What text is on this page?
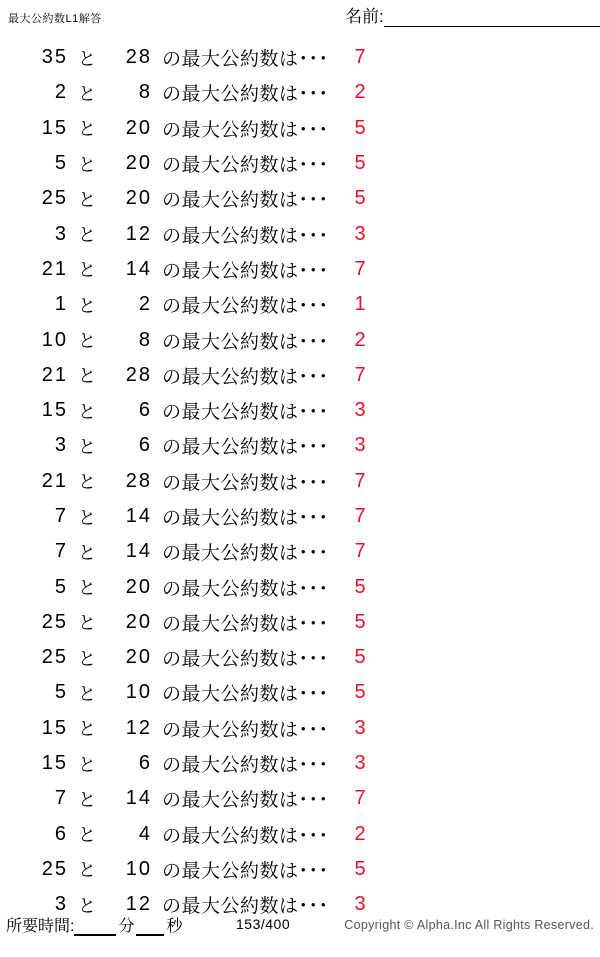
最大公約数L1解答	名前:
35 と	28 の最大公約数は･･･ 7
2 と	8 の最大公約数は･･･ 2
15 と	20 の最大公約数は･･･ 5
5 と	20 の最大公約数は･･･ 5
25 と	20 の最大公約数は･･･ 5
3 と	12 の最大公約数は･･･ 3
21 と	14 の最大公約数は･･･ 7
1 と	2 の最大公約数は･･･ 1
10 と	8 の最大公約数は･･･ 2
21 と	28 の最大公約数は･･･ 7
15 と	6 の最大公約数は･･･ 3
3 と	6 の最大公約数は･･･ 3
21 と	28 の最大公約数は･･･ 7
7 と	14 の最大公約数は･･･ 7
7 と	14 の最大公約数は･･･ 7
5 と	20 の最大公約数は･･･ 5
25 と	20 の最大公約数は･･･ 5
25 と	20 の最大公約数は･･･ 5
5 と	10 の最大公約数は･･･ 5
15 と	12 の最大公約数は･･･ 3
15 と	6 の最大公約数は･･･ 3
7 と	14 の最大公約数は･･･ 7
6 と	4 の最大公約数は･･･ 2
25 と	10 の最大公約数は･･･ 5
3 と	12 の最大公約数は･･･ 3
所要時間:	分 秒	153/400	Copyright © Alpha.Inc All Rights Reserved.
